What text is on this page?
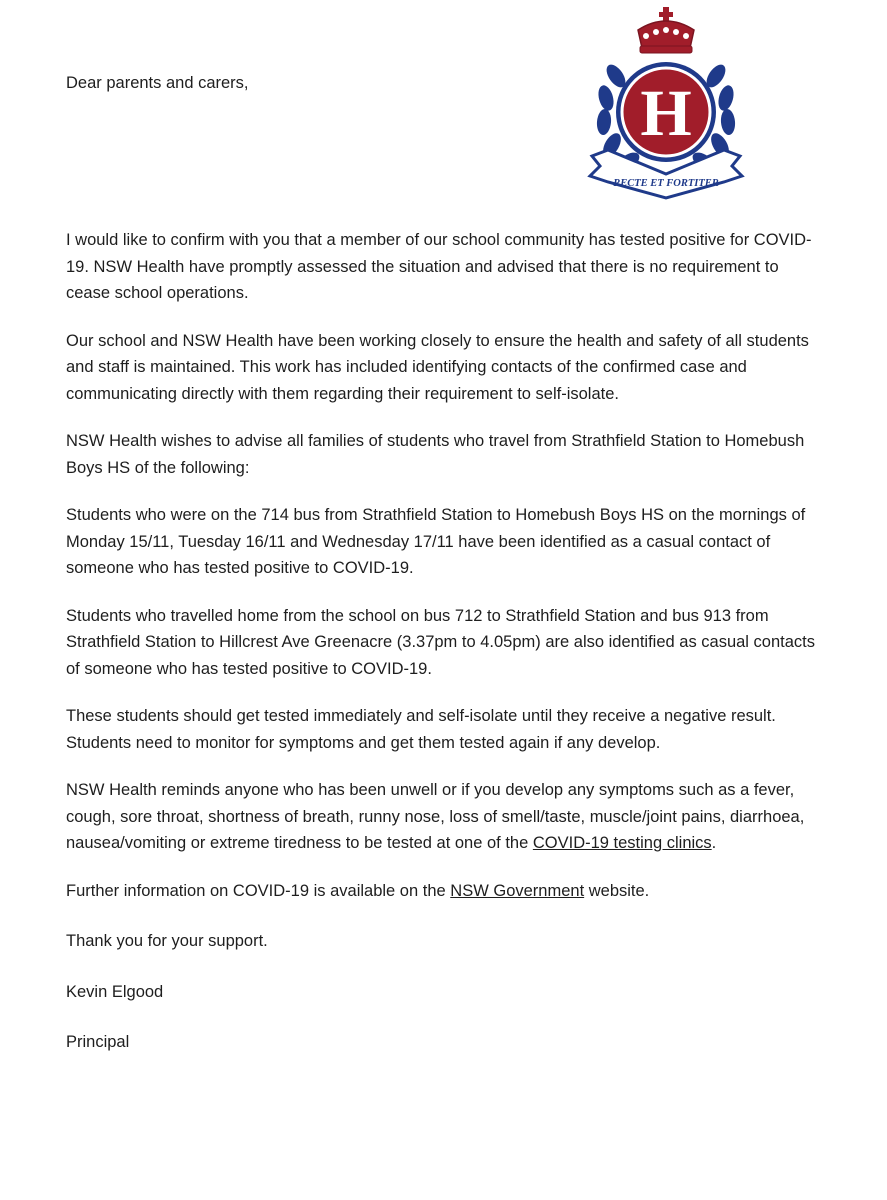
H
RECTE ET FORTITER

Dear parents and carers,

I would like to confirm with you that a member of our school community has tested positive for COVID-19. NSW Health have promptly assessed the situation and advised that there is no requirement to cease school operations.

Our school and NSW Health have been working closely to ensure the health and safety of all students and staff is maintained. This work has included identifying contacts of the confirmed case and communicating directly with them regarding their requirement to self-isolate.

NSW Health wishes to advise all families of students who travel from Strathfield Station to Homebush Boys HS of the following:

Students who were on the 714 bus from Strathfield Station to Homebush Boys HS on the mornings of Monday 15/11, Tuesday 16/11 and Wednesday 17/11 have been identified as a casual contact of someone who has tested positive to COVID-19.

Students who travelled home from the school on bus 712 to Strathfield Station and bus 913 from Strathfield Station to Hillcrest Ave Greenacre (3.37pm to 4.05pm) are also identified as casual contacts of someone who has tested positive to COVID-19.

These students should get tested immediately and self-isolate until they receive a negative result. Students need to monitor for symptoms and get them tested again if any develop.

NSW Health reminds anyone who has been unwell or if you develop any symptoms such as a fever, cough, sore throat, shortness of breath, runny nose, loss of smell/taste, muscle/joint pains, diarrhoea, nausea/vomiting or extreme tiredness to be tested at one of the COVID-19 testing clinics.

Further information on COVID-19 is available on the NSW Government website.

Thank you for your support.

Kevin Elgood

Principal
